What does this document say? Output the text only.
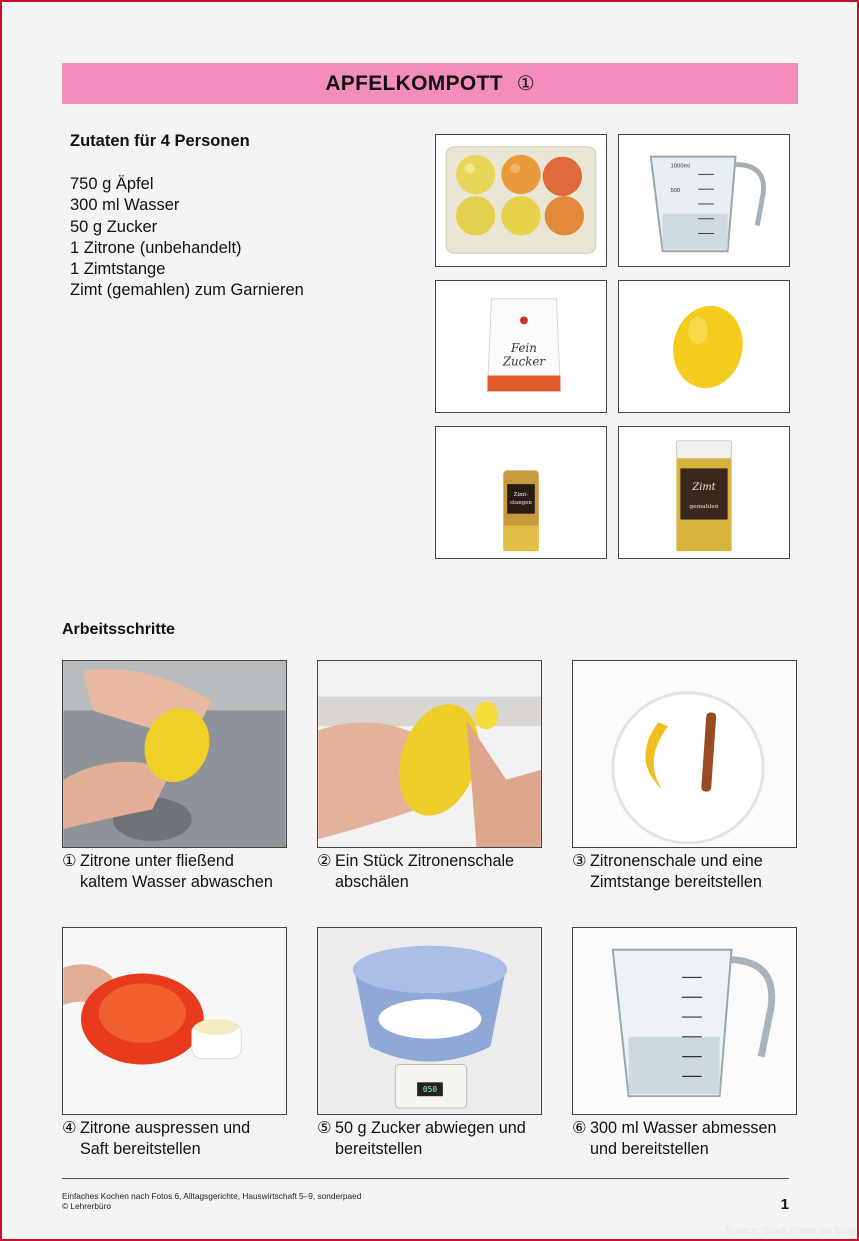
APFELKOMPOTT ①
Zutaten für 4 Personen
750 g Äpfel
300 ml Wasser
50 g Zucker
1 Zitrone (unbehandelt)
1 Zimtstange
Zimt (gemahlen) zum Garnieren
1000ml
500
Fein
Zucker
Zimt-
stangen
Zimt
gemahlen
Arbeitsschritte
① Zitrone unter fließend
kaltem Wasser abwaschen
② Ein Stück Zitronenschale
abschälen
③ Zitronenschale und eine
Zimtstange bereitstellen
050
④ Zitrone auspressen und
Saft bereitstellen
⑤ 50 g Zucker abwiegen und
bereitstellen
⑥ 300 ml Wasser abmessen
und bereitstellen
Einfaches Kochen nach Fotos 6, Alltagsgerichte, Hauswirtschaft 5–9, sonderpaed
© Lehrerbüro	1
Source: Stock Photo via Bing
